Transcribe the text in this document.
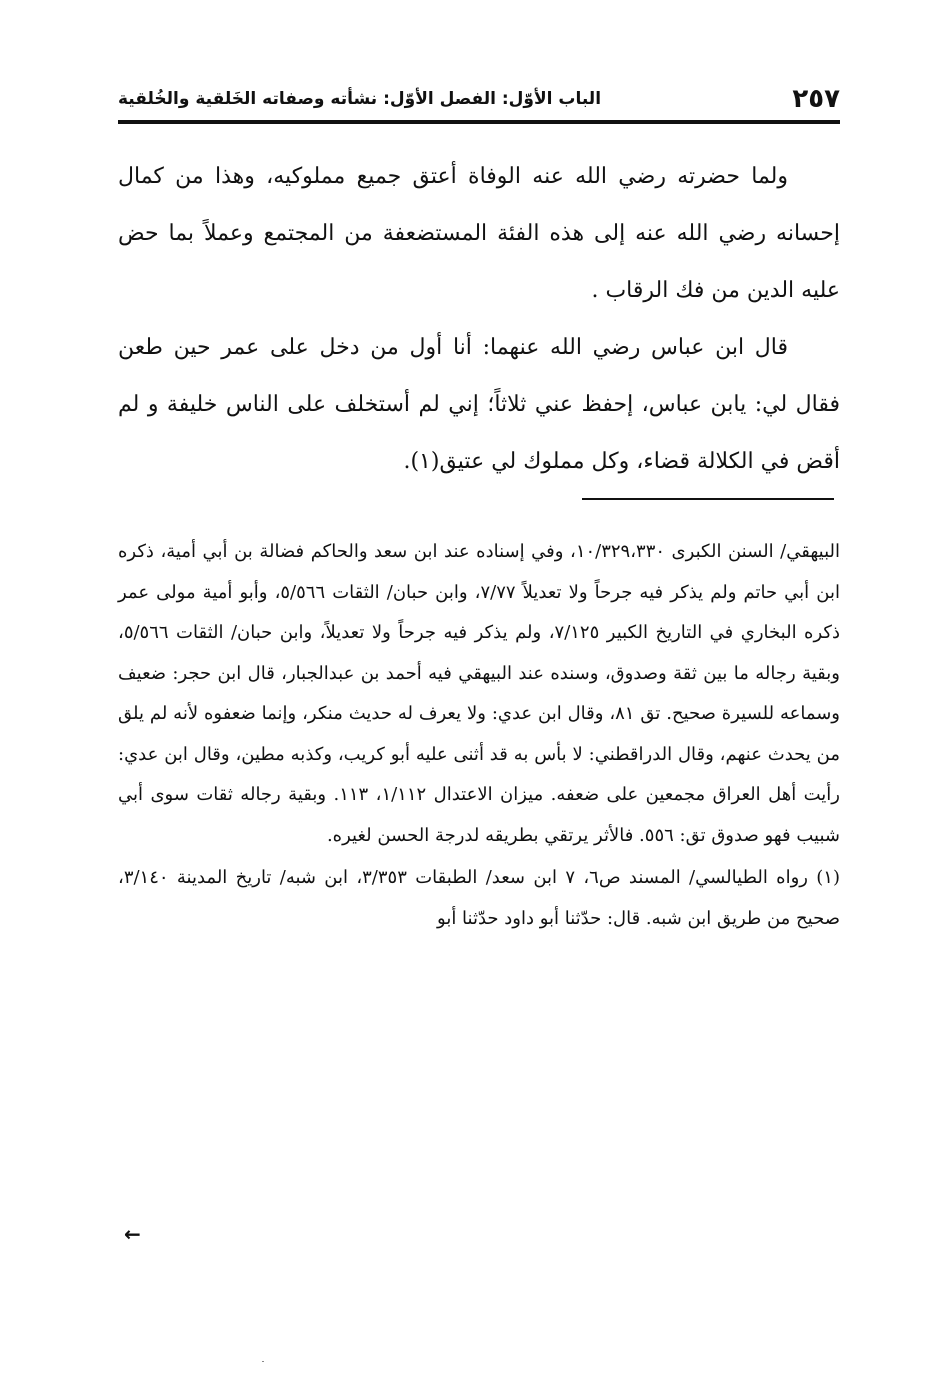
٢٥٧
الباب الأوّل: الفصل الأوّل: نشأته وصفاته الخَلقية والخُلقية

ولما حضرته رضي الله عنه الوفاة أعتق جميع مملوكيه، وهذا من كمال إحسانه رضي الله عنه إلى هذه الفئة المستضعفة من المجتمع وعملاً بما حض عليه الدين من فك الرقاب .

قال ابن عباس رضي الله عنهما: أنا أول من دخل على عمر حين طعن فقال لي: يابن عباس، إحفظ عني ثلاثاً؛ إني لم أستخلف على الناس خليفة و لم أقض في الكلالة قضاء، وكل مملوك لي عتيق(١).

البيهقي/ السنن الكبرى ١٠/٣٢٩،٣٣٠، وفي إسناده عند ابن سعد والحاكم فضالة بن أبي أمية، ذكره ابن أبي حاتم ولم يذكر فيه جرحاً ولا تعديلاً ٧/٧٧، وابن حبان/ الثقات ٥/٥٦٦، وأبو أمية مولى عمر ذكره البخاري في التاريخ الكبير ٧/١٢٥، ولم يذكر فيه جرحاً ولا تعديلاً، وابن حبان/ الثقات ٥/٥٦٦، وبقية رجاله ما بين ثقة وصدوق، وسنده عند البيهقي فيه أحمد بن عبدالجبار، قال ابن حجر: ضعيف وسماعه للسيرة صحيح. تق ٨١، وقال ابن عدي: ولا يعرف له حديث منكر، وإنما ضعفوه لأنه لم يلق من يحدث عنهم، وقال الدراقطني: لا بأس به قد أثنى عليه أبو كريب، وكذبه مطين، وقال ابن عدي: رأيت أهل العراق مجمعين على ضعفه. ميزان الاعتدال ١/١١٢، ١١٣. وبقية رجاله ثقات سوى أبي شبيب فهو صدوق تق: ٥٥٦. فالأثر يرتقي بطريقه لدرجة الحسن لغيره.

(١) رواه الطيالسي/ المسند ص٦، ٧ ابن سعد/ الطبقات ٣/٣٥٣، ابن شبه/ تاريخ المدينة ٣/١٤٠، صحيح من طريق ابن شبه. قال: حدّثنا أبو داود حدّثنا أبو

←
